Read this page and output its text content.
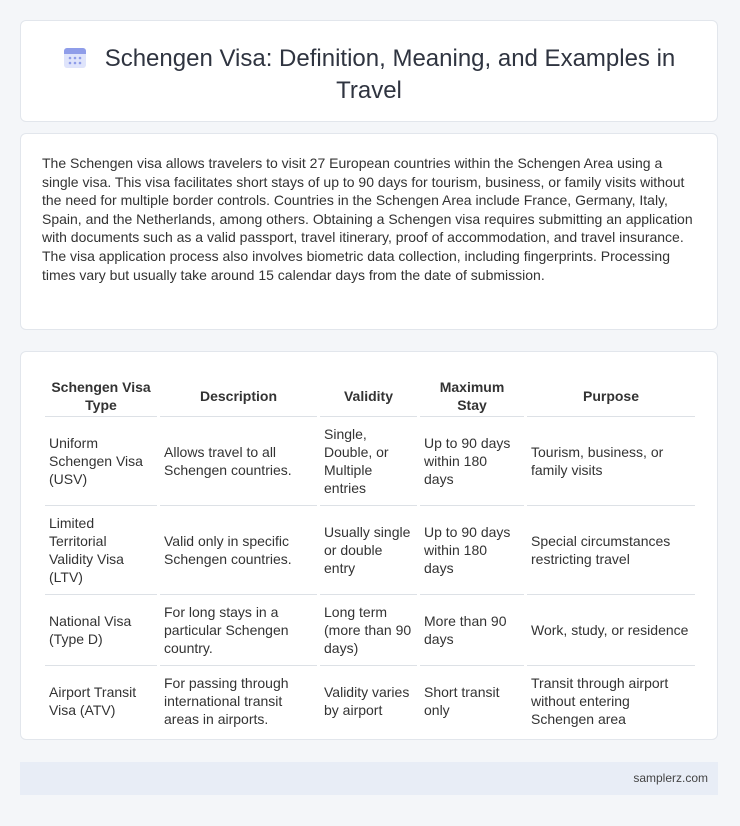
Schengen Visa: Definition, Meaning, and Examples in Travel
The Schengen visa allows travelers to visit 27 European countries within the Schengen Area using a single visa. This visa facilitates short stays of up to 90 days for tourism, business, or family visits without the need for multiple border controls. Countries in the Schengen Area include France, Germany, Italy, Spain, and the Netherlands, among others. Obtaining a Schengen visa requires submitting an application with documents such as a valid passport, travel itinerary, proof of accommodation, and travel insurance. The visa application process also involves biometric data collection, including fingerprints. Processing times vary but usually take around 15 calendar days from the date of submission.
Schengen Visa Type	Description	Validity	Maximum Stay	Purpose
Uniform Schengen Visa (USV)	Allows travel to all Schengen countries.	Single, Double, or Multiple entries	Up to 90 days within 180 days	Tourism, business, or family visits
Limited Territorial Validity Visa (LTV)	Valid only in specific Schengen countries.	Usually single or double entry	Up to 90 days within 180 days	Special circumstances restricting travel
National Visa (Type D)	For long stays in a particular Schengen country.	Long term (more than 90 days)	More than 90 days	Work, study, or residence
Airport Transit Visa (ATV)	For passing through international transit areas in airports.	Validity varies by airport	Short transit only	Transit through airport without entering Schengen area
samplerz.com
